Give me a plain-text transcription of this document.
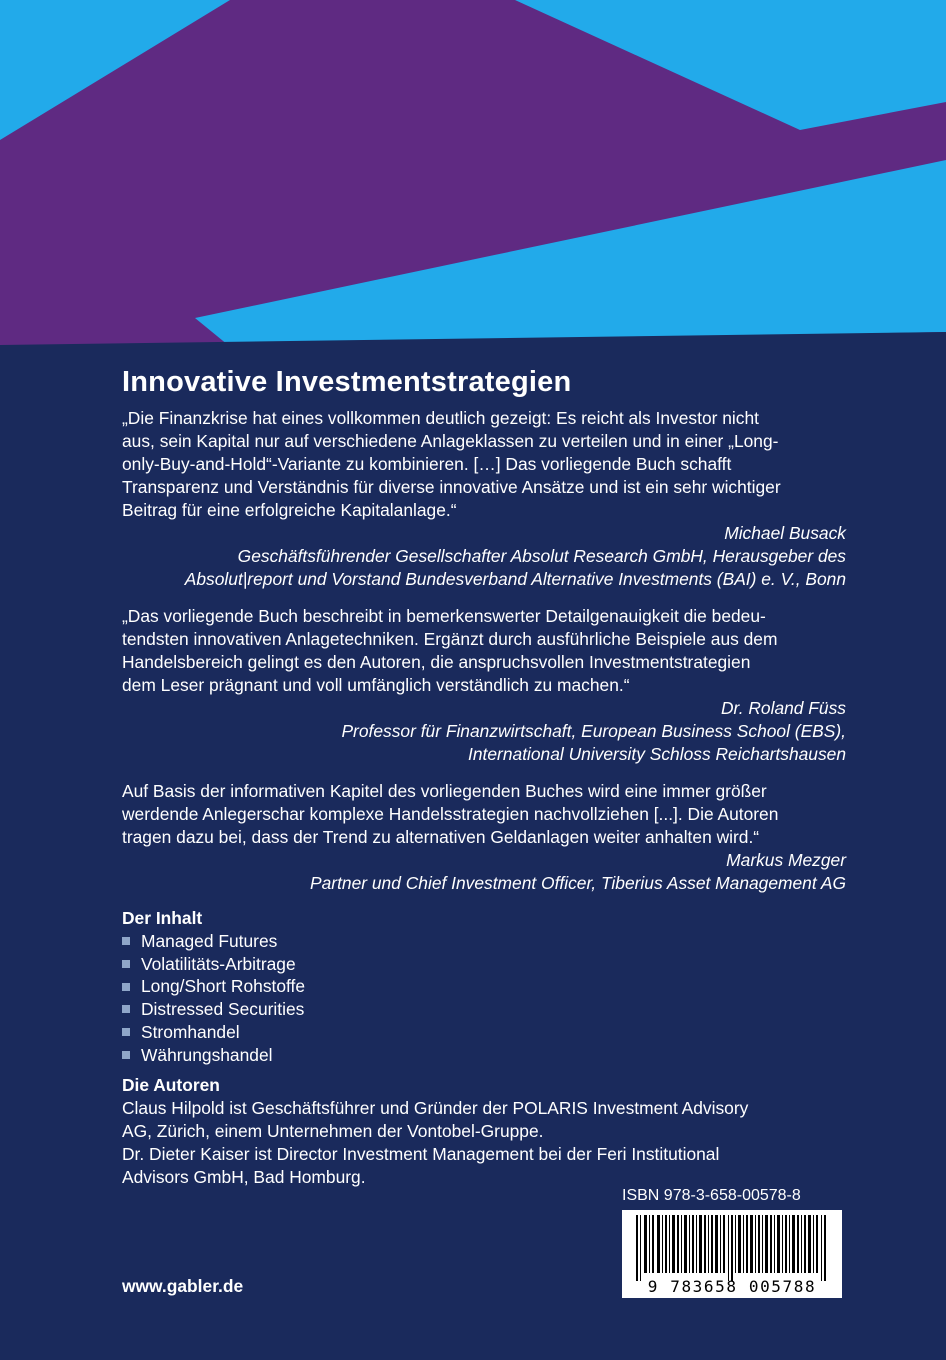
Innovative Investmentstrategien

„Die Finanzkrise hat eines vollkommen deutlich gezeigt: Es reicht als Investor nicht

aus, sein Kapital nur auf verschiedene Anlageklassen zu verteilen und in einer „Long-

only-Buy-and-Hold“-Variante zu kombinieren. […] Das vorliegende Buch schafft

Transparenz und Verständnis für diverse innovative Ansätze und ist ein sehr wichtiger

Beitrag für eine erfolgreiche Kapitalanlage.“

Michael Busack
Geschäftsführender Gesellschafter Absolut Research GmbH, Herausgeber des
Absolut|report und Vorstand Bundesverband Alternative Investments (BAI) e. V., Bonn

„Das vorliegende Buch beschreibt in bemerkenswerter Detailgenauigkeit die bedeu-

tendsten innovativen Anlagetechniken. Ergänzt durch ausführliche Beispiele aus dem

Handelsbereich gelingt es den Autoren, die anspruchsvollen Investmentstrategien

dem Leser prägnant und voll umfänglich verständlich zu machen.“

Dr. Roland Füss
Professor für Finanzwirtschaft, European Business School (EBS),
International University Schloss Reichartshausen

Auf Basis der informativen Kapitel des vorliegenden Buches wird eine immer größer

werdende Anlegerschar komplexe Handelsstrategien nachvollziehen [...]. Die Autoren

tragen dazu bei, dass der Trend zu alternativen Geldanlagen weiter anhalten wird.“

Markus Mezger
Partner und Chief Investment Officer, Tiberius Asset Management AG
Der Inhalt
Managed Futures
Volatilitäts-Arbitrage
Long/Short Rohstoffe
Distressed Securities
Stromhandel
Währungshandel
Die Autoren

Claus Hilpold ist Geschäftsführer und Gründer der POLARIS Investment Advisory

AG, Zürich, einem Unternehmen der Vontobel-Gruppe.

Dr. Dieter Kaiser ist Director Investment Management bei der Feri Institutional

Advisors GmbH, Bad Homburg.

ISBN 978-3-658-00578-8
9 783658 005788
www.gabler.de
